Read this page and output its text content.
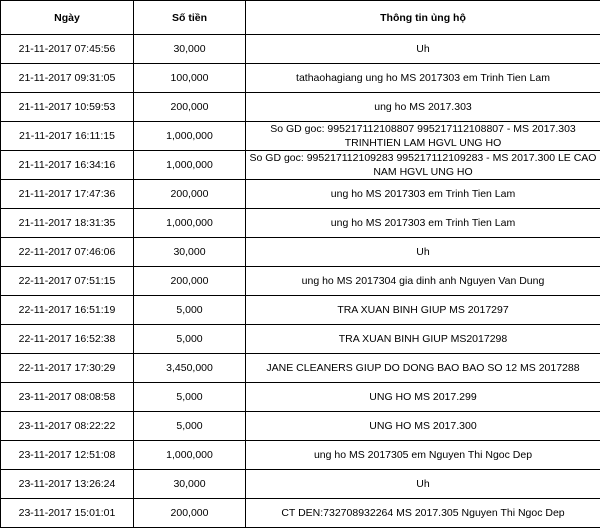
Ngày	Số tiền	Thông tin ủng hộ
21-11-2017 07:45:56	30,000	Uh
21-11-2017 09:31:05	100,000	tathaohagiang ung ho MS 2017303 em Trinh Tien Lam
21-11-2017 10:59:53	200,000	ung ho MS 2017.303
21-11-2017 16:11:15	1,000,000	So GD goc: 995217112108807 995217112108807 - MS 2017.303 TRINHTIEN LAM HGVL UNG HO
21-11-2017 16:34:16	1,000,000	So GD goc: 995217112109283 995217112109283 - MS 2017.300 LE CAO NAM HGVL UNG HO
21-11-2017 17:47:36	200,000	ung ho MS 2017303 em Trinh Tien Lam
21-11-2017 18:31:35	1,000,000	ung ho MS 2017303 em Trinh Tien Lam
22-11-2017 07:46:06	30,000	Uh
22-11-2017 07:51:15	200,000	ung ho MS 2017304 gia dinh anh Nguyen Van Dung
22-11-2017 16:51:19	5,000	TRA XUAN BINH GIUP MS 2017297
22-11-2017 16:52:38	5,000	TRA XUAN BINH GIUP MS2017298
22-11-2017 17:30:29	3,450,000	JANE CLEANERS GIUP DO DONG BAO BAO SO 12 MS 2017288
23-11-2017 08:08:58	5,000	UNG HO MS 2017.299
23-11-2017 08:22:22	5,000	UNG HO MS 2017.300
23-11-2017 12:51:08	1,000,000	ung ho MS 2017305 em Nguyen Thi Ngoc Dep
23-11-2017 13:26:24	30,000	Uh
23-11-2017 15:01:01	200,000	CT DEN:732708932264 MS 2017.305 Nguyen Thi Ngoc Dep
